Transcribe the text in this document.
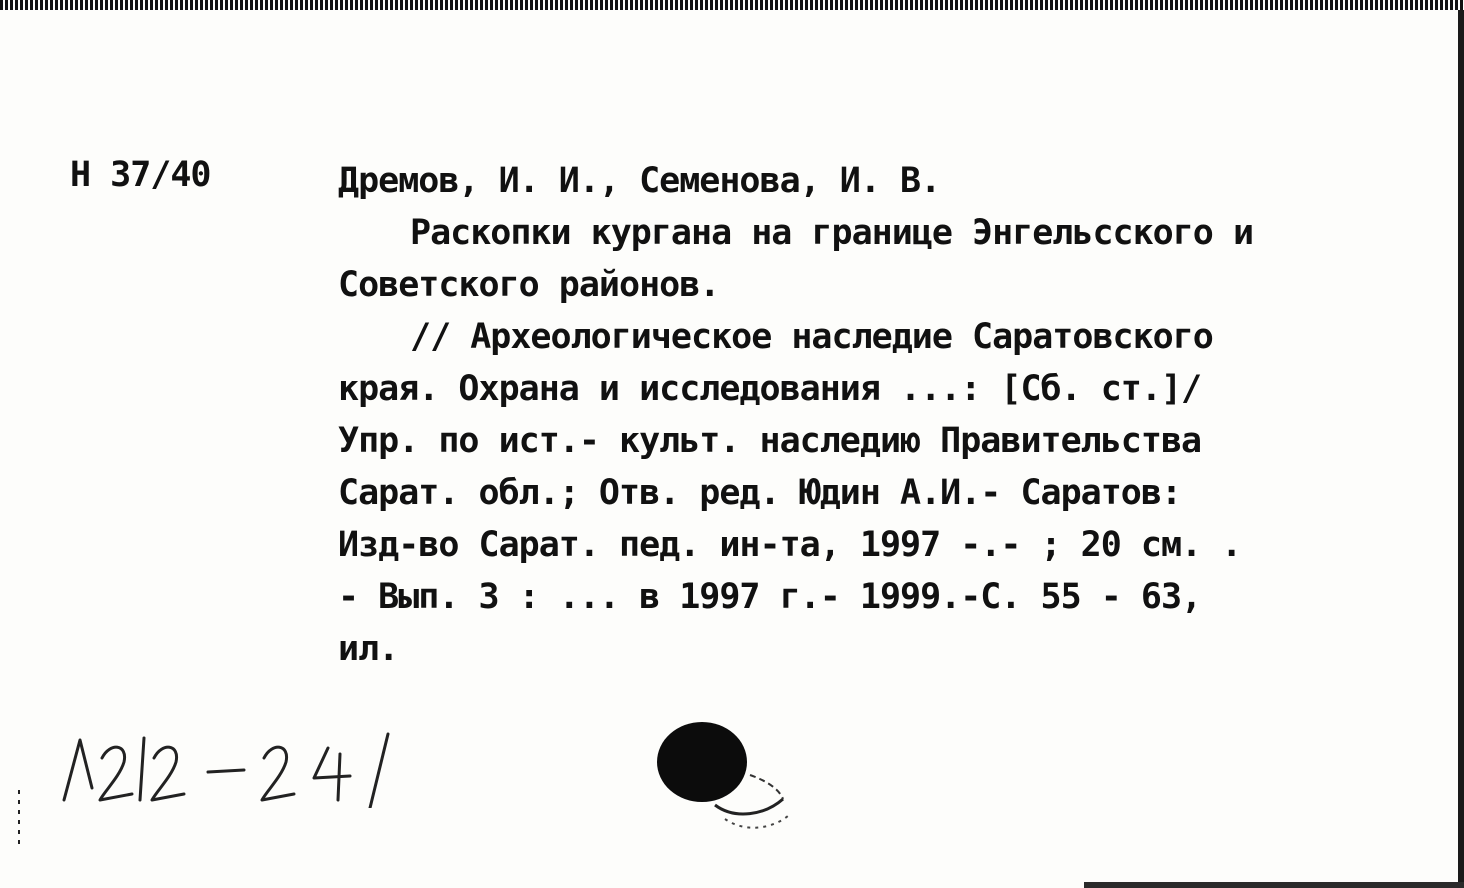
Н 37/40	Дремов, И. И., Семенова, И. В.
Раскопки кургана на границе Энгельсского и
Советского районов.
// Археологическое наследие Саратовского
края. Охрана и исследования ...: [Сб. ст.]/
Упр. по ист.- культ. наследию Правительства
Сарат. обл.; Отв. ред. Юдин А.И.- Саратов:
Изд-во Сарат. пед. ин-та, 1997 -.- ; 20 см. .
- Вып. 3 : ... в 1997 г.- 1999.-С. 55 - 63,
ил.
